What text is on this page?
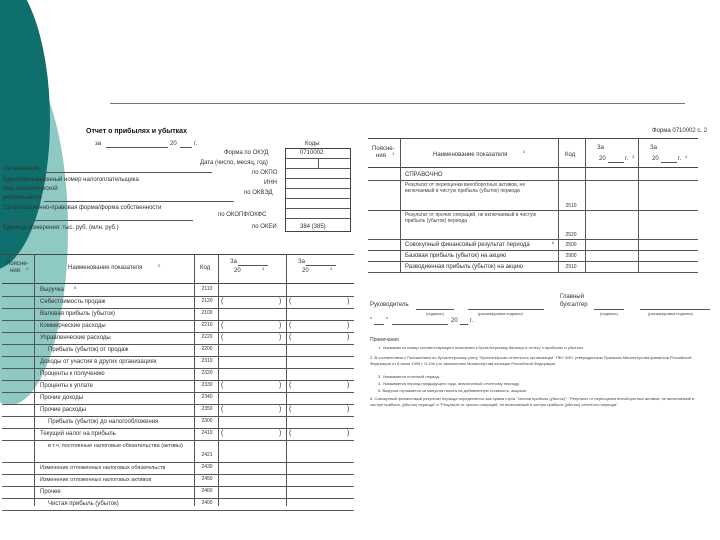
Отчет о прибылях и убытках
за	20	г.	Коды
Форма по ОКУД	0710002
Дата (число, месяц, год)
по ОКПО
ИНН
по ОКВЭД
по ОКОПФ/ОКФС
по ОКЕИ	384 (385)
Организация
Идентификационный номер налогоплательщика
Вид экономической
деятельности
Организационно-правовая форма/форма собственности
Единица измерения: тыс. руб. (млн. руб.)
Поясне-
ния 1	Наименование показателя	2	Код
За
20	3
За
20	4
Выручка	5	2110
Себестоимость продаж	2120	(	) (	)
Валовая прибыль (убыток)	2100
Коммерческие расходы	2210	(	) (	)
Управленческие расходы	2220	(	) (	)
Прибыль (убыток) от продаж	2200
Доходы от участия в других организациях	2310
Проценты к получению	2320
Проценты к уплате	2330	(	) (	)
Прочие доходы	2340
Прочие расходы	2350	(	) (	)
Прибыль (убыток) до налогообложения	2300
Текущий налог на прибыль	2410	(	) (	)
в т.ч. постоянные налоговые обязательства (активы)
2421
Изменение отложенных налоговых обязательств	2430
Изменение отложенных налоговых активов	2450
Прочее	2460
Чистая прибыль (убыток)	2400
Форма 0710002 с. 2
Поясне-
ния 1	Наименование показателя
2
Код
За
20	г. 3
За
20	г. 4
СПРАВОЧНО
Результат от переоценки внеоборотных активов, не включаемый в чистую прибыль (убыток) периода
2510
Результат от прочих операций, не включаемый в чистую прибыль (убыток) периода
2520
Совокупный финансовый результат периода	6	2500
Базовая прибыль (убыток) на акцию	2900
Разводненная прибыль (убыток) на акцию	2910
Главный
бухгалтер
Руководитель
(подпись)	(расшифровка подписи)	(подпись)	(расшифровка подписи)
" "	20 г.
Примечания
1. Указывается номер соответствующего пояснения к бухгалтерскому балансу и отчету о прибылях и убытках.
2. В соответствии с Положением по бухгалтерскому учету "Бухгалтерская отчетность организации" ПБУ 4/99, утвержденным Приказом Министерства финансов Российской Федерации от 6 июля 1999 г. N 43н (по заключению Министерства юстиции Российской Федерации
3. Указывается отчетный период.
4. Указывается период предыдущего года, аналогичный отчетному периоду.
5. Выручка отражается за минусом налога на добавленную стоимость, акцизов.
6. Совокупный финансовый результат периода определяется как сумма строк "Чистая прибыль (убыток)", "Результат от переоценки внеоборотных активов, не включаемый в чистую прибыль (убыток) периода" и "Результат от прочих операций, не включаемый в чистую прибыль (убыток) отчетного периода".
